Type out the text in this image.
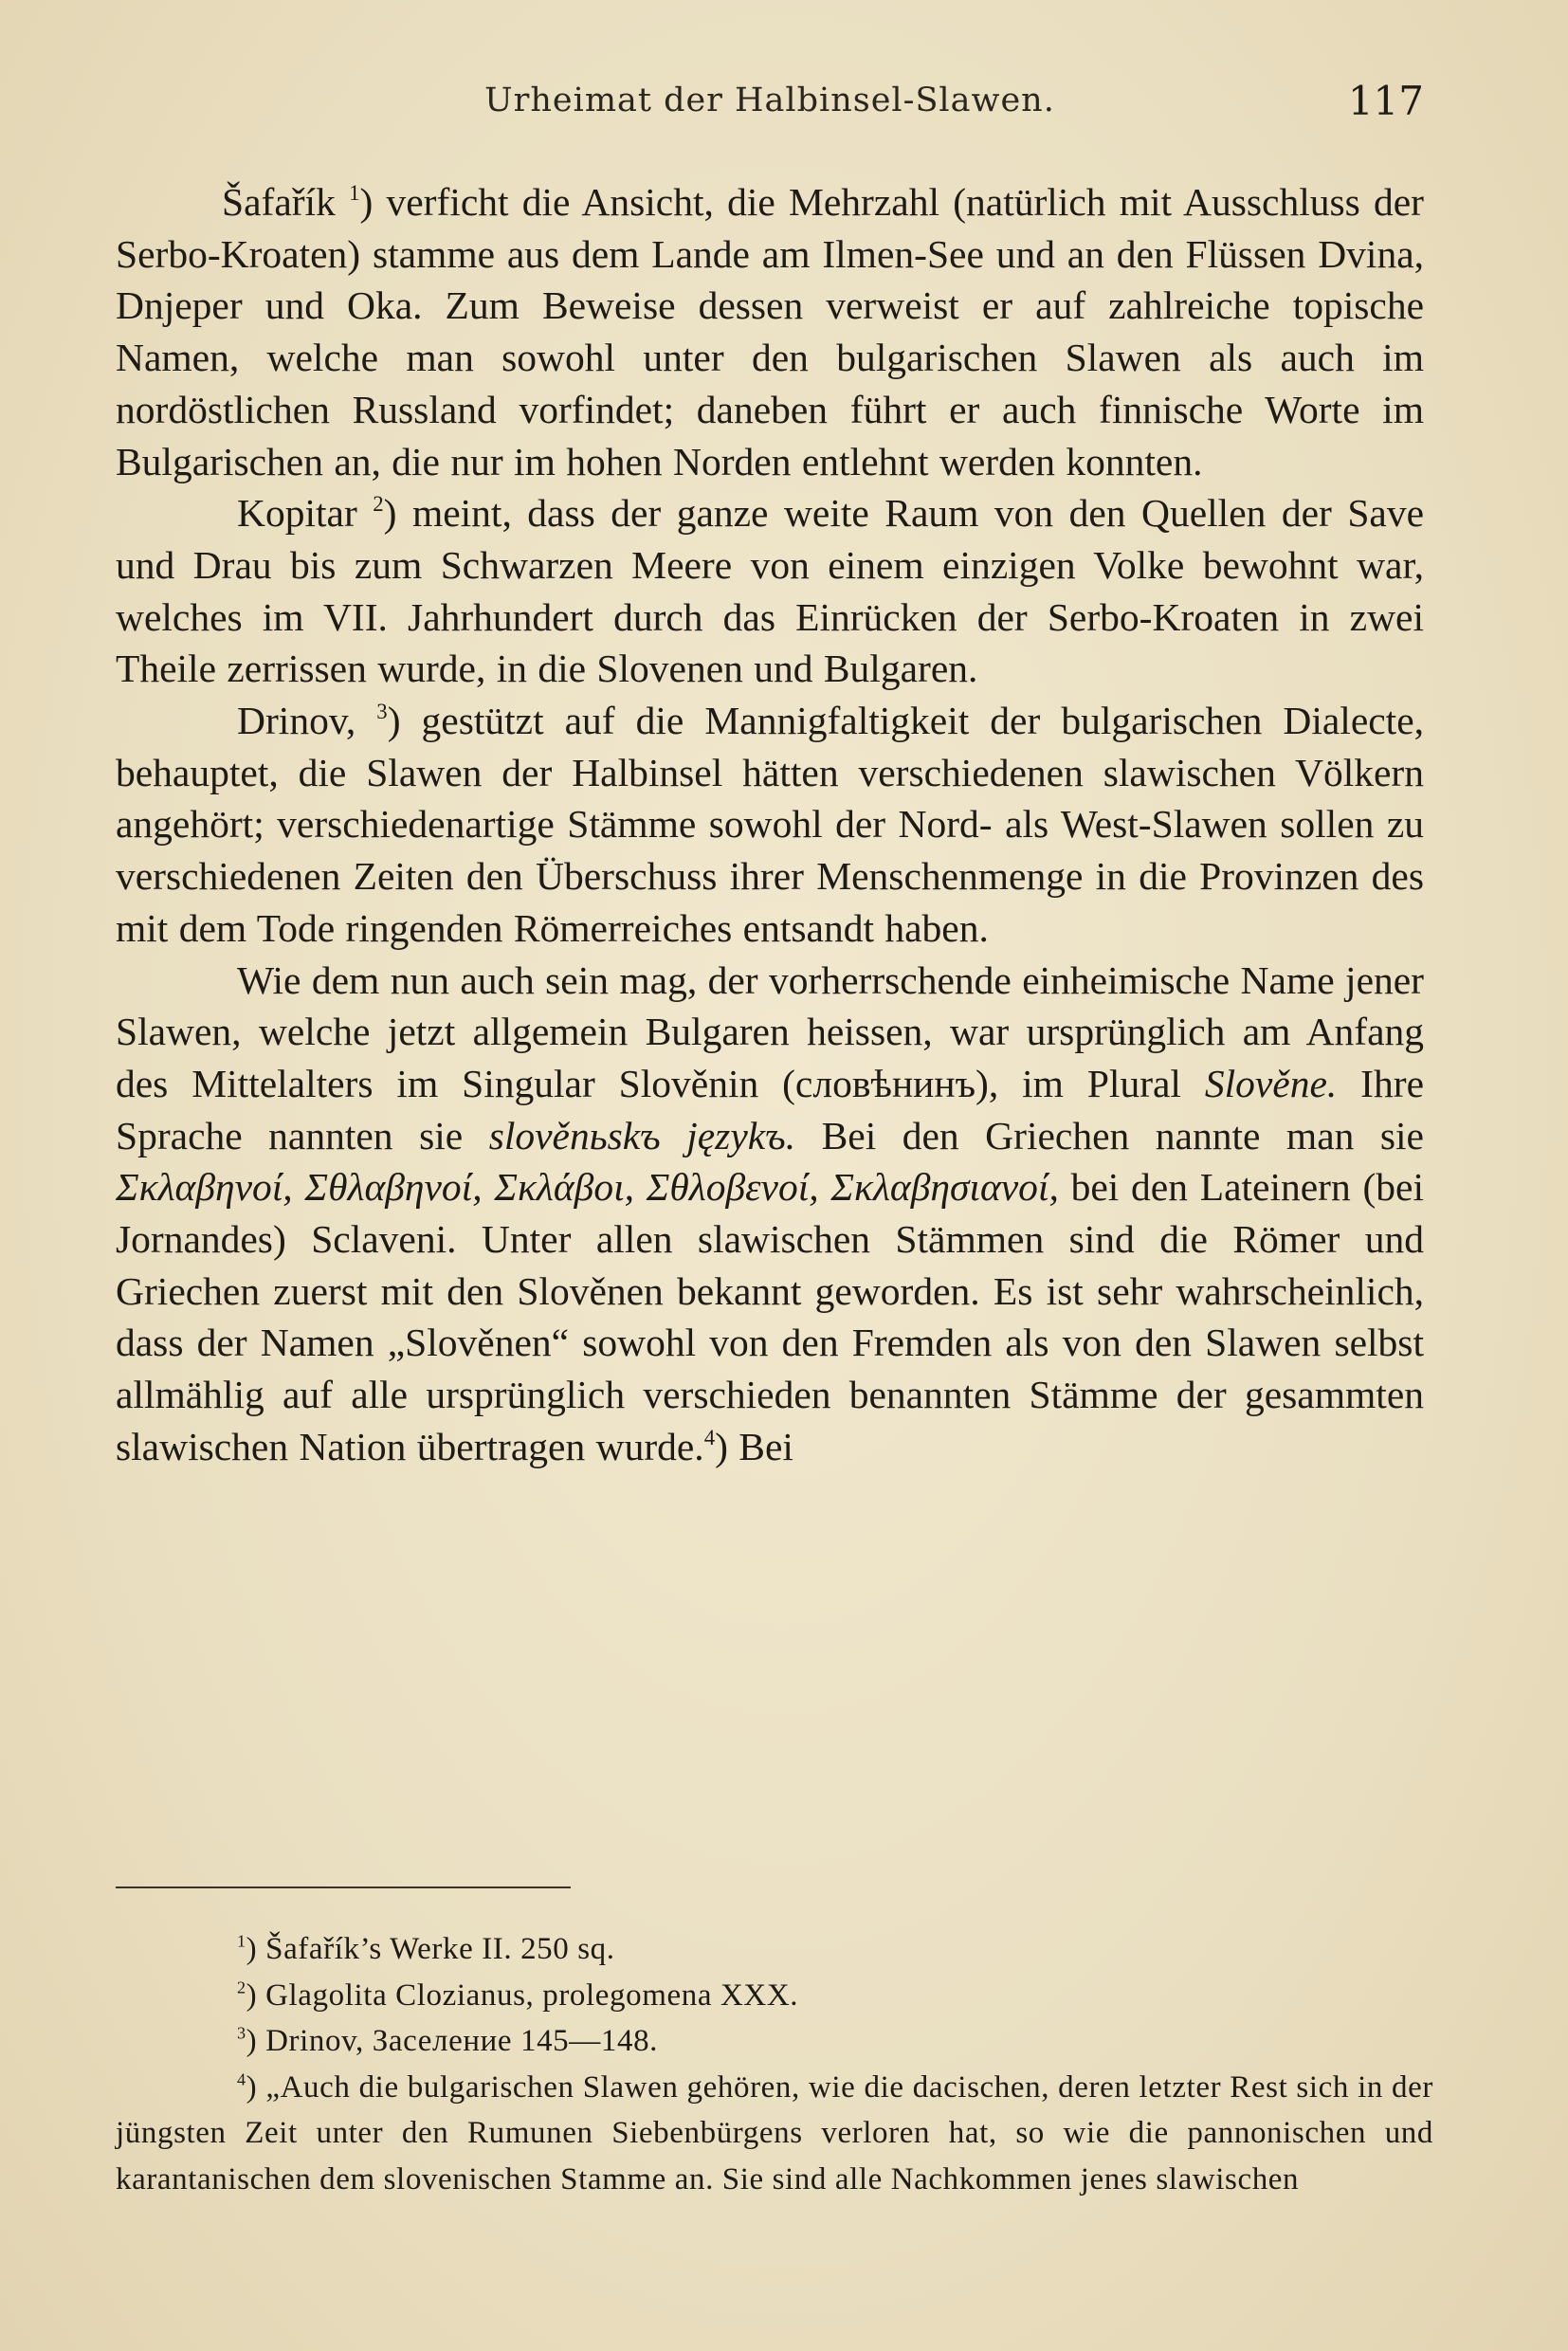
Urheimat der Halbinsel-Slawen.	117

Šafařík $^1$) verficht die Ansicht, die Mehrzahl (natürlich mit Ausschluss der Serbo-Kroaten) stamme aus dem Lande am Ilmen-See und an den Flüssen Dvina, Dnjeper und Oka. Zum Beweise dessen verweist er auf zahlreiche topische Namen, welche man sowohl unter den bulgarischen Slawen als auch im nordöstlichen Russland vorfindet; daneben führt er auch finnische Worte im Bulgarischen an, die nur im hohen Norden entlehnt werden konnten.

Kopitar $^2$) meint, dass der ganze weite Raum von den Quellen der Save und Drau bis zum Schwarzen Meere von einem einzigen Volke bewohnt war, welches im VII. Jahrhundert durch das Einrücken der Serbo-Kroaten in zwei Theile zerrissen wurde, in die Slovenen und Bulgaren.

Drinov, $^3$) gestützt auf die Mannigfaltigkeit der bulgarischen Dialecte, behauptet, die Slawen der Halbinsel hätten verschiedenen slawischen Völkern angehört; verschiedenartige Stämme sowohl der Nord- als West-Slawen sollen zu verschiedenen Zeiten den Überschuss ihrer Menschenmenge in die Provinzen des mit dem Tode ringenden Römerreiches entsandt haben.

Wie dem nun auch sein mag, der vorherrschende einheimische Name jener Slawen, welche jetzt allgemein Bulgaren heissen, war ursprünglich am Anfang des Mittelalters im Singular Slověnin (словѣнинъ), im Plural Slověne. Ihre Sprache nannten sie slověnьskъ językъ. Bei den Griechen nannte man sie Σκλαβηνοί, Σθλαβηνοί, Σκλάβοι, Σθλοβενοί, Σκλαβησιανοί, bei den Lateinern (bei Jornandes) Sclaveni. Unter allen slawischen Stämmen sind die Römer und Griechen zuerst mit den Slověnen bekannt geworden. Es ist sehr wahrscheinlich, dass der Namen „Slověnen“ sowohl von den Fremden als von den Slawen selbst allmählig auf alle ursprünglich verschieden benannten Stämme der gesammten slawischen Nation übertragen wurde.$^4$) Bei

$^1$) Šafařík’s Werke II. 250 sq.

$^2$) Glagolita Clozianus, prolegomena XXX.

$^3$) Drinov, Заселение 145—148.

$^4$) „Auch die bulgarischen Slawen gehören, wie die dacischen, deren letzter Rest sich in der jüngsten Zeit unter den Rumunen Siebenbürgens verloren hat, so wie die pannonischen und karantanischen dem slovenischen Stamme an. Sie sind alle Nachkommen jenes slawischen
